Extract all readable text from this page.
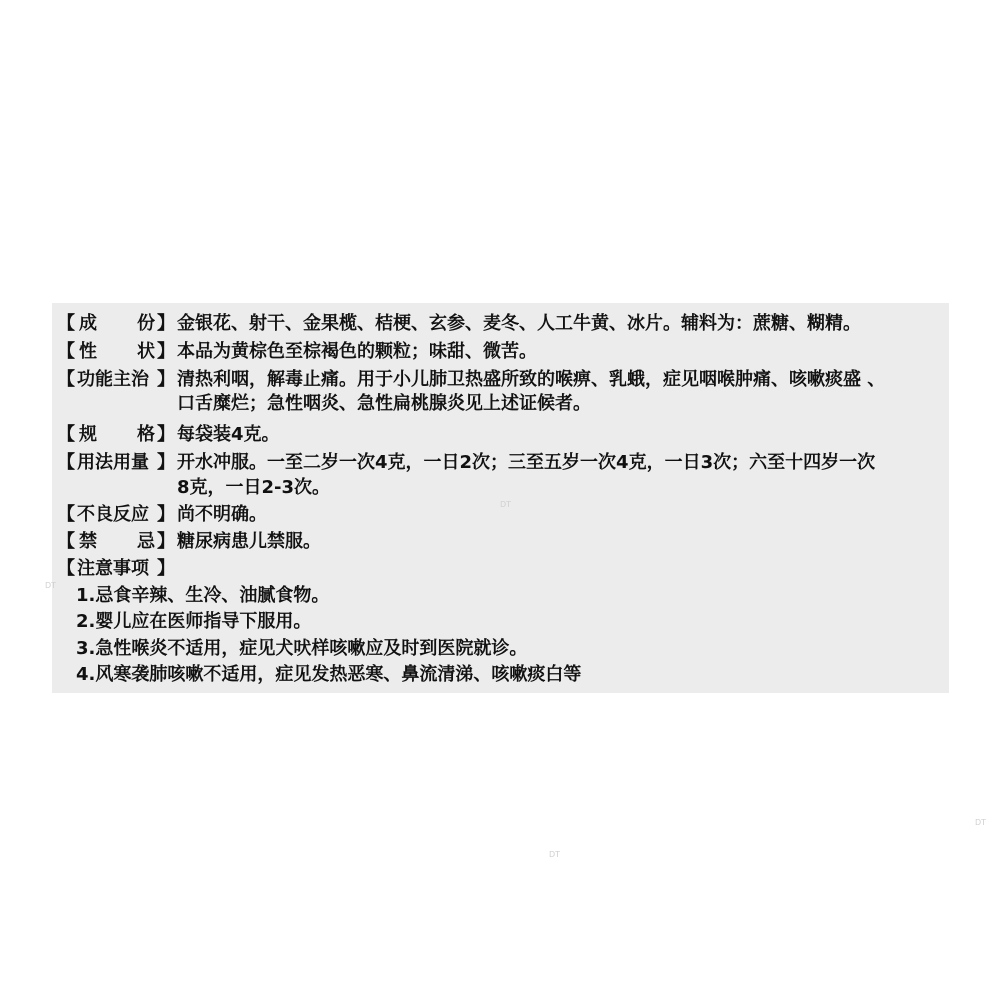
【 成 份 】 金银花、射干、金果榄、桔梗、玄参、麦冬、人工牛黄、冰片。辅料为：蔗糖、糊精。
【 性 状 】 本品为黄棕色至棕褐色的颗粒；味甜、微苦。
【 功能主治 】 清热利咽，解毒止痛。用于小儿肺卫热盛所致的喉痹、乳蛾，症见咽喉肿痛、咳嗽痰盛 、
口舌糜烂；急性咽炎、急性扁桃腺炎见上述证候者。
【 规 格 】 每袋装4克。
【 用法用量 】 开水冲服。一至二岁一次4克，一日2次；三至五岁一次4克，一日3次；六至十四岁一次
8克，一日2-3次。
【 不良反应 】 尚不明确。
【 禁 忌 】 糖尿病患儿禁服。
【 注意事项 】
1.忌食辛辣、生冷、油腻食物。
2.婴儿应在医师指导下服用。
3.急性喉炎不适用，症见犬吠样咳嗽应及时到医院就诊。
4.风寒袭肺咳嗽不适用，症见发热恶寒、鼻流清涕、咳嗽痰白等
DT
DT
DT
DT
